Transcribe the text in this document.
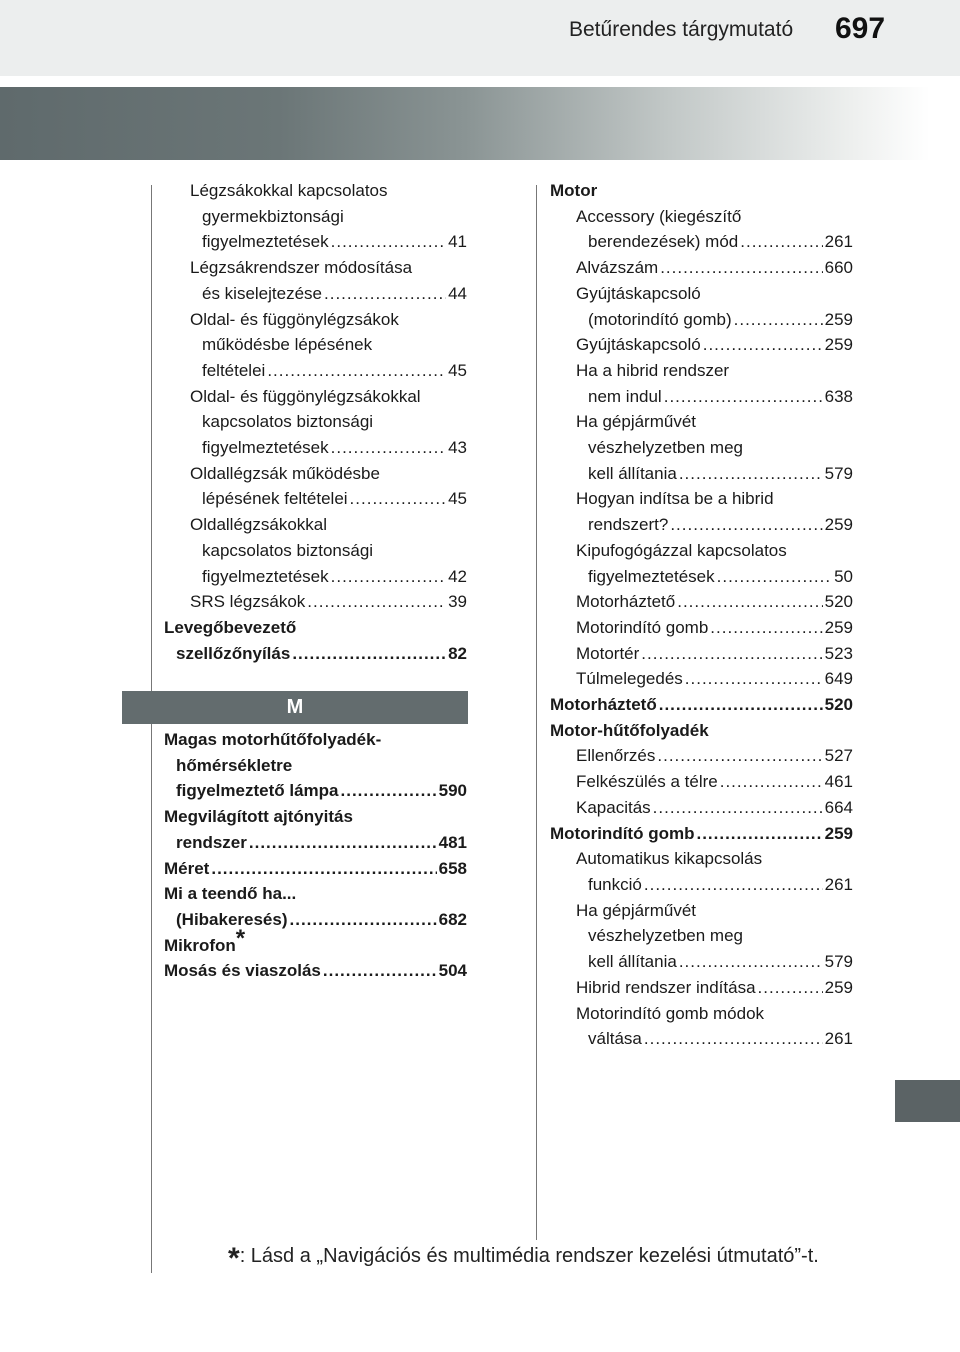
Betűrendes tárgymutató 697
Légzsákokkal kapcsolatos
gyermekbiztonsági
figyelmeztetések .....	41
Légzsákrendszer módosítása
és kiselejtezése .....	44
Oldal- és függönylégzsákok
működésbe lépésének
feltételei .....	45
Oldal- és függönylégzsákokkal
kapcsolatos biztonsági
figyelmeztetések .....	43
Oldallégzsák működésbe
lépésének feltételei .....	45
Oldallégzsákokkal
kapcsolatos biztonsági
figyelmeztetések .....	42
SRS légzsákok .....	39
Levegőbevezető
szellőzőnyílás .....	82
M
Magas motorhűtőfolyadék-
hőmérsékletre
figyelmeztető lámpa .....	590
Megvilágított ajtónyitás
rendszer .....	481
Méret .....	658
Mi a teendő ha...
(Hibakeresés) .....	682
Mikrofon*
Mosás és viaszolás .....	504
Motor
Accessory (kiegészítő
berendezések) mód .....	261
Alvázszám .....	660
Gyújtáskapcsoló
(motorindító gomb) .....	259
Gyújtáskapcsoló .....	259
Ha a hibrid rendszer
nem indul .....	638
Ha gépjárművét
vészhelyzetben meg
kell állítania .....	579
Hogyan indítsa be a hibrid
rendszert? .....	259
Kipufogógázzal kapcsolatos
figyelmeztetések .....	50
Motorháztető .....	520
Motorindító gomb .....	259
Motortér .....	523
Túlmelegedés .....	649
Motorháztető .....	520
Motor-hűtőfolyadék
Ellenőrzés .....	527
Felkészülés a télre .....	461
Kapacitás .....	664
Motorindító gomb .....	259
Automatikus kikapcsolás
funkció .....	261
Ha gépjárművét
vészhelyzetben meg
kell állítania .....	579
Hibrid rendszer indítása .....	259
Motorindító gomb módok
váltása .....	261
*: Lásd a „Navigációs és multimédia rendszer kezelési útmutató”-t.
